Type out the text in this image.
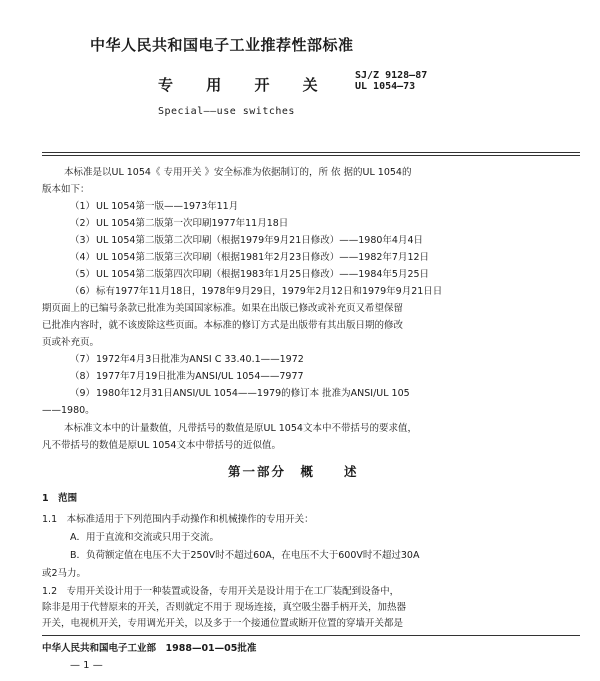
中华人民共和国电子工业推荐性部标准
专 用 开 关
SJ/Z 9128—87
UL 1054—73
Special——use switches
本标准是以UL 1054《 专用开关 》安全标准为依据制订的，所 依 据的UL 1054的
版本如下：
（1）UL 1054第一版——1973年11月
（2）UL 1054第二版第一次印刷1977年11月18日
（3）UL 1054第二版第二次印刷（根据1979年9月21日修改）——1980年4月4日
（4）UL 1054第二版第三次印刷（根据1981年2月23日修改）——1982年7月12日
（5）UL 1054第二版第四次印刷（根据1983年1月25日修改）——1984年5月25日
（6）标有1977年11月18日，1978年9月29日，1979年2月12日和1979年9月21日日
期页面上的已编号条款已批准为美国国家标准。如果在出版已修改或补充页又希望保留
已批准内容时，就不该废除这些页面。本标准的修订方式是出版带有其出版日期的修改
页或补充页。
（7）1972年4月3日批准为ANSI C 33.40.1——1972
（8）1977年7月19日批准为ANSI/UL 1054——7977
（9）1980年12月31日ANSI/UL 1054——1979的修订本 批准为ANSI/UL 105
——1980。
本标准文本中的计量数值，凡带括号的数值是原UL 1054文本中不带括号的要求值，
凡不带括号的数值是原UL 1054文本中带括号的近似值。
第一部分　概　　述
1　范围
1.1　本标准适用于下列范围内手动操作和机械操作的专用开关：
A．用于直流和交流或只用于交流。
B．负荷额定值在电压不大于250V时不超过60A，在电压不大于600V时不超过30A
或2马力。
1.2　专用开关设计用于一种装置或设备，专用开关是设计用于在工厂装配到设备中，
除非是用于代替原来的开关，否则就定不用于 现场连接，真空吸尘器手柄开关，加热器
开关，电视机开关，专用调光开关，以及多于一个接通位置或断开位置的穿墙开关都是
中华人民共和国电子工业部　1988—01—05批准
— 1 —
